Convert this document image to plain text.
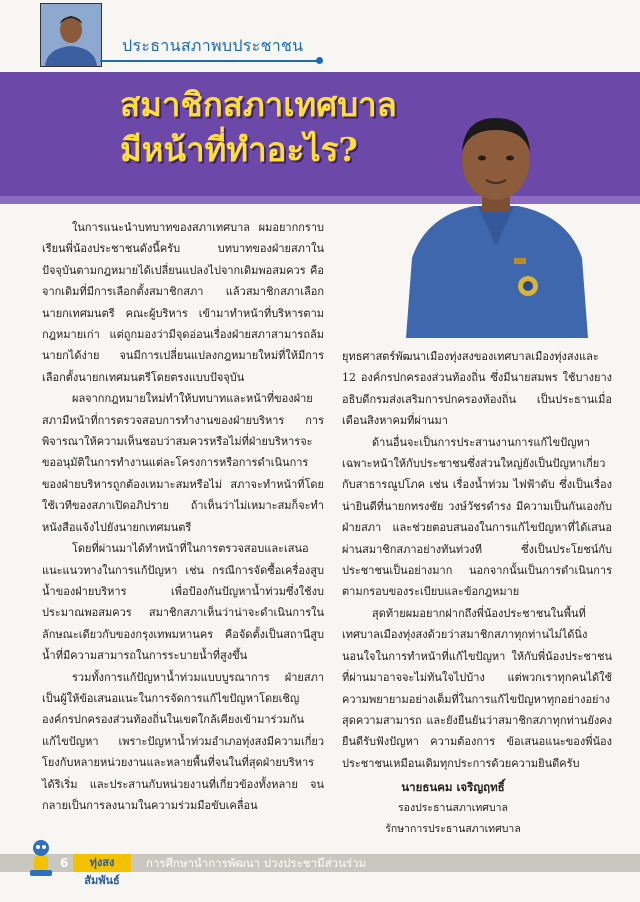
ประธานสภาพบประชาชน
สมาชิกสภาเทศบาล
มีหน้าที่ทำอะไร?

ในการแนะนำบทบาทของสภาเทศบาล ผมอยากกราบเรียนพี่น้องประชาชนดังนี้ครับ บทบาทของฝ่ายสภาในปัจจุบันตามกฎหมายได้เปลี่ยนแปลงไปจากเดิมพอสมควร คือจากเดิมที่มีการเลือกตั้งสมาชิกสภา แล้วสมาชิกสภาเลือกนายกเทศมนตรี คณะผู้บริหาร เข้ามาทำหน้าที่บริหารตามกฎหมายเก่า แต่ถูกมองว่ามีจุดอ่อนเรื่องฝ่ายสภาสามารถล้มนายกได้ง่าย จนมีการเปลี่ยนแปลงกฎหมายใหม่ที่ให้มีการเลือกตั้งนายกเทศมนตรีโดยตรงแบบปัจจุบัน

ผลจากกฎหมายใหม่ทำให้บทบาทและหน้าที่ของฝ่ายสภามีหน้าที่การตรวจสอบการทำงานของฝ่ายบริหาร การพิจารณาให้ความเห็นชอบว่าสมควรหรือไม่ที่ฝ่ายบริหารจะขออนุมัติในการทำงานแต่ละโครงการหรือการดำเนินการของฝ่ายบริหารถูกต้องเหมาะสมหรือไม่ สภาจะทำหน้าที่โดยใช้เวทีของสภาเปิดอภิปราย ถ้าเห็นว่าไม่เหมาะสมก็จะทำหนังสือแจ้งไปยังนายกเทศมนตรี

โดยที่ผ่านมาได้ทำหน้าที่ในการตรวจสอบและเสนอแนะแนวทางในการแก้ปัญหา เช่น กรณีการจัดซื้อเครื่องสูบน้ำของฝ่ายบริหาร เพื่อป้องกันปัญหาน้ำท่วมซึ่งใช้งบประมาณพอสมควร สมาชิกสภาเห็นว่าน่าจะดำเนินการในลักษณะเดียวกับของกรุงเทพมหานคร คือจัดตั้งเป็นสถานีสูบน้ำที่มีความสามารถในการระบายน้ำที่สูงขึ้น

รวมทั้งการแก้ปัญหาน้ำท่วมแบบบูรณาการ ฝ่ายสภาเป็นผู้ให้ข้อเสนอแนะในการจัดการแก้ไขปัญหาโดยเชิญองค์กรปกครองส่วนท้องถิ่นในเขตใกล้เคียงเข้ามาร่วมกันแก้ไขปัญหา เพราะปัญหาน้ำท่วมอำเภอทุ่งสงมีความเกี่ยวโยงกับหลายหน่วยงานและหลายพื้นที่จนในที่สุดฝ่ายบริหารได้ริเริ่ม และประสานกับหน่วยงานที่เกี่ยวข้องทั้งหลาย จนกลายเป็นการลงนามในความร่วมมือขับเคลื่อน

ยุทธศาสตร์พัฒนาเมืองทุ่งสงของเทศบาลเมืองทุ่งสงและ 12 องค์กรปกครองส่วนท้องถิ่น ซึ่งมีนายสมพร ใช้บางยาง อธิบดีกรมส่งเสริมการปกครองท้องถิ่น เป็นประธานเมื่อเดือนสิงหาคมที่ผ่านมา

ด้านอื่นจะเป็นการประสานงานการแก้ไขปัญหาเฉพาะหน้าให้กับประชาชนซึ่งส่วนใหญ่ยังเป็นปัญหาเกี่ยวกับสาธารณูปโภค เช่น เรื่องน้ำท่วม ไฟฟ้าดับ ซึ่งเป็นเรื่องน่ายินดีที่นายกทรงชัย วงษ์วัชรดำรง มีความเป็นกันเองกับฝ่ายสภา และช่วยตอบสนองในการแก้ไขปัญหาที่ได้เสนอผ่านสมาชิกสภาอย่างทันท่วงที ซึ่งเป็นประโยชน์กับประชาชนเป็นอย่างมาก นอกจากนั้นเป็นการดำเนินการตามกรอบของระเบียบและข้อกฎหมาย

สุดท้ายผมอยากฝากถึงพี่น้องประชาชนในพื้นที่เทศบาลเมืองทุ่งสงด้วยว่าสมาชิกสภาทุกท่านไม่ได้นิ่งนอนใจในการทำหน้าที่แก้ไขปัญหา ให้กับพี่น้องประชาชนที่ผ่านมาอาจจะไม่ทันใจไปบ้าง แต่พวกเราทุกคนได้ใช้ความพยายามอย่างเต็มที่ในการแก้ไขปัญหาทุกอย่างอย่างสุดความสามารถ และยังยืนยันว่าสมาชิกสภาทุกท่านยังคงยืนดีรับฟังปัญหา ความต้องการ ข้อเสนอแนะของพี่น้องประชาชนเหมือนเดิมทุกประการด้วยความยินดีครับ

นายธนคม เจริญฤทธิ์
รองประธานสภาเทศบาล
รักษาการประธานสภาเทศบาล
6	ทุ่งสงสัมพันธ์
การศึกษานำการพัฒนา ปวงประชามีส่วนร่วม
